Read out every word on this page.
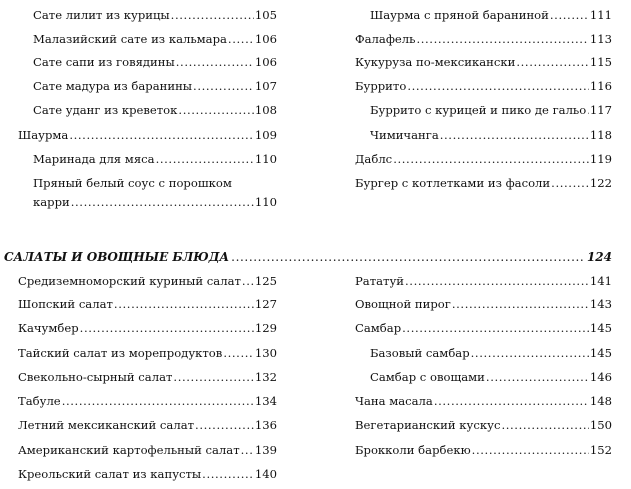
Сате лилит из курицы .....	105
Малазийский сате из кальмара ..... 106
Сате сапи из говядины .....	106
Сате мадура из баранины .....	107
Сате уданг из креветок .....	108
Шаурма .....	109
Маринада для мяса .....	110
Пряный белый соус с порошком
карри .....	110
Шаурма с пряной бараниной .....	111
Фалафель .....	113
Кукуруза по-мексикански .....	115
Буррито .....	116
Буррито с курицей и пико де гальо ..... 117
Чимичанга .....	118
Даблс .....	119
Бургер с котлетками из фасоли .....	122
САЛАТЫ И ОВОЩНЫЕ БЛЮДА .....	124
Средиземноморский куриный салат ..... 125
Шопский салат .....	127
Качумбер .....	129
Тайский салат из морепродуктов .....	130
Свекольно-сырный салат .....	132
Табуле .....	134
Летний мексиканский салат .....	136
Американский картофельный салат ..... 139
Креольский салат из капусты .....	140
Рататуй .....	141
Овощной пирог .....	143
Самбар .....	145
Базовый самбар .....	145
Самбар с овощами .....	146
Чана масала .....	148
Вегетарианский кускус .....	150
Брокколи барбекю .....	152
